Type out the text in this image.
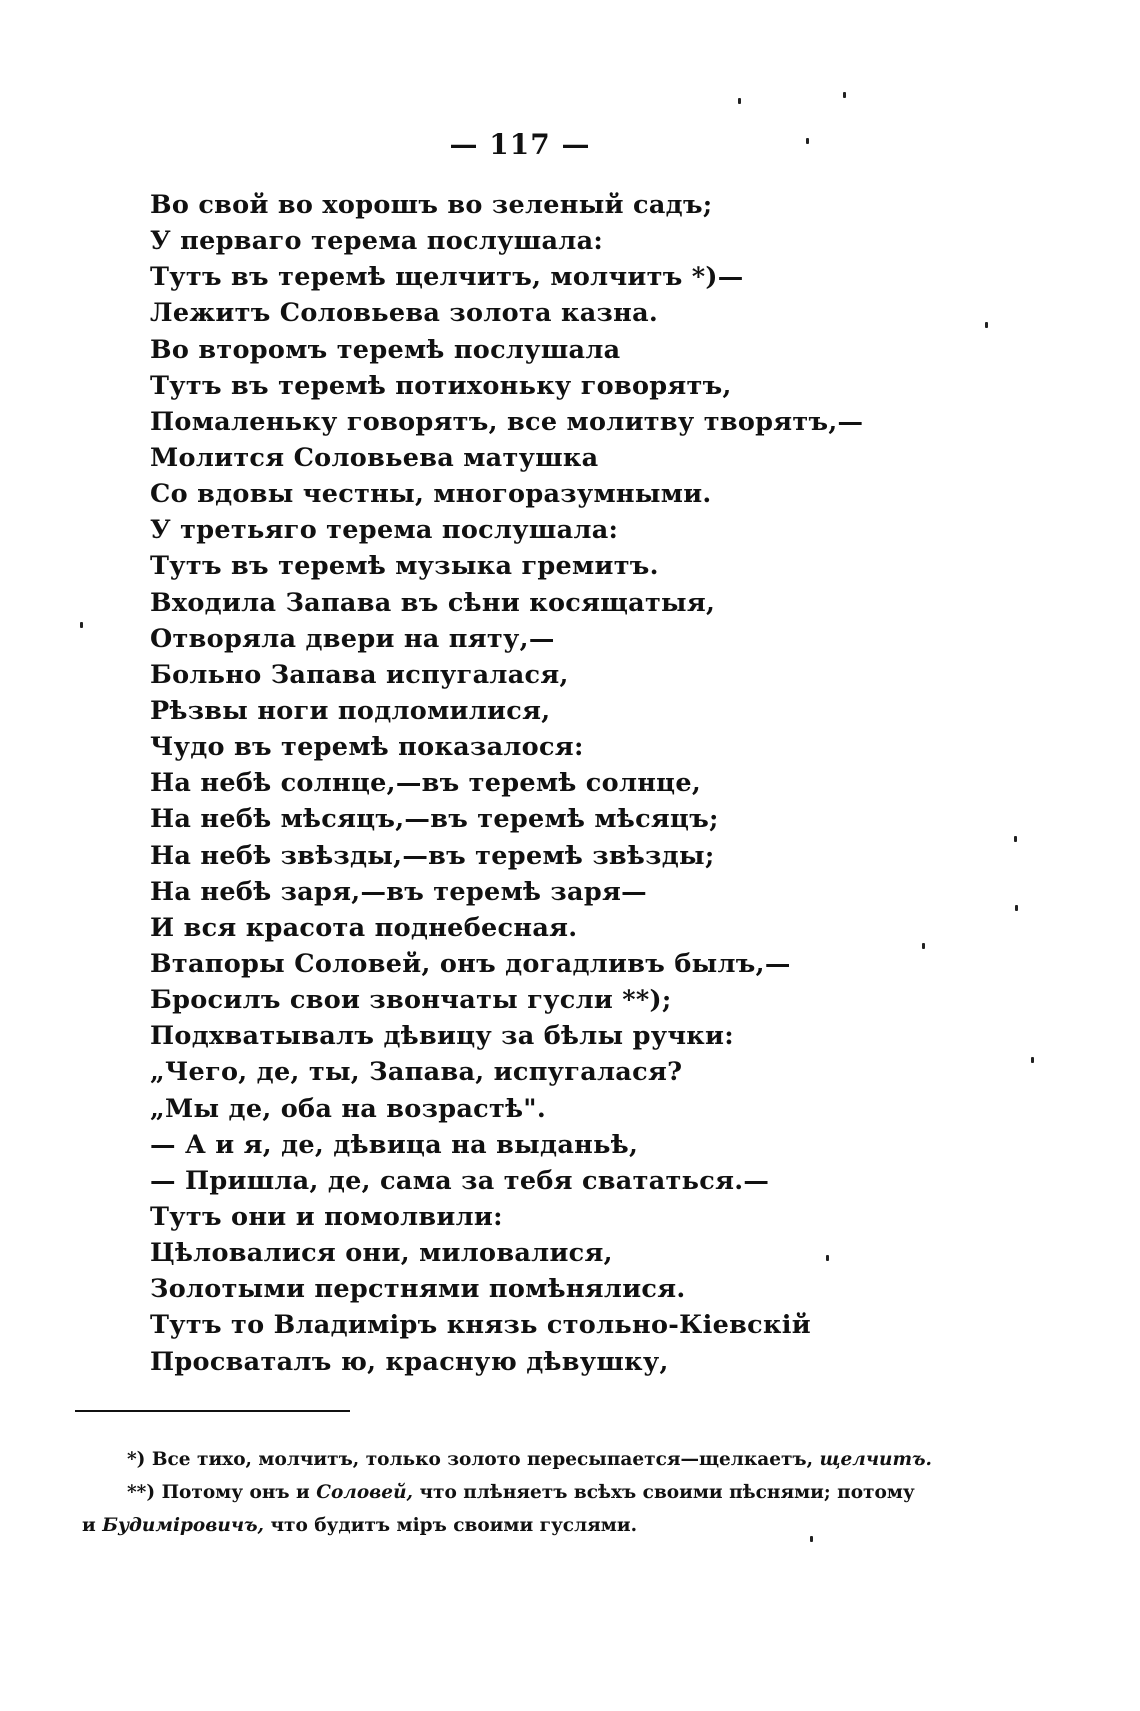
— 117 —
Во свой во хорошъ во зеленый садъ;
У перваго терема послушала:
Тутъ въ теремѣ щелчитъ, молчитъ *)—
Лежитъ Соловьева золота казна.
Во второмъ теремѣ послушала
Тутъ въ теремѣ потихоньку говорятъ,
Помаленьку говорятъ, все молитву творятъ,—
Молится Соловьева матушка
Со вдовы честны, многоразумными.
У третьяго терема послушала:
Тутъ въ теремѣ музыка гремитъ.
Входила Запава въ сѣни косящатыя,
Отворяла двери на пяту,—
Больно Запава испугалася,
Рѣзвы ноги подломилися,
Чудо въ теремѣ показалося:
На небѣ солнце,—въ теремѣ солнце,
На небѣ мѣсяцъ,—въ теремѣ мѣсяцъ;
На небѣ звѣзды,—въ теремѣ звѣзды;
На небѣ заря,—въ теремѣ заря—
И вся красота поднебесная.
Втапоры Соловей, онъ догадливъ былъ,—
Бросилъ свои звончаты гусли **);
Подхватывалъ дѣвицу за бѣлы ручки:
„Чего, де, ты, Запава, испугалася?
„Мы де, оба на возрастѣ".
— А и я, де, дѣвица на выданьѣ,
— Пришла, де, сама за тебя свататься.—
Тутъ они и помолвили:
Цѣловалися они, миловалися,
Золотыми перстнями помѣнялися.
Тутъ то Владимiръ князь стольно-Кiевскiй
Просваталъ ю, красную дѣвушку,
*) Все тихо, молчитъ, только золото пересыпается—щелкаетъ, щелчитъ.
**) Потому онъ и Соловей, что плѣняетъ всѣхъ своими пѣснями; потому
и Будимiровичъ, что будитъ мiръ своими гуслями.
